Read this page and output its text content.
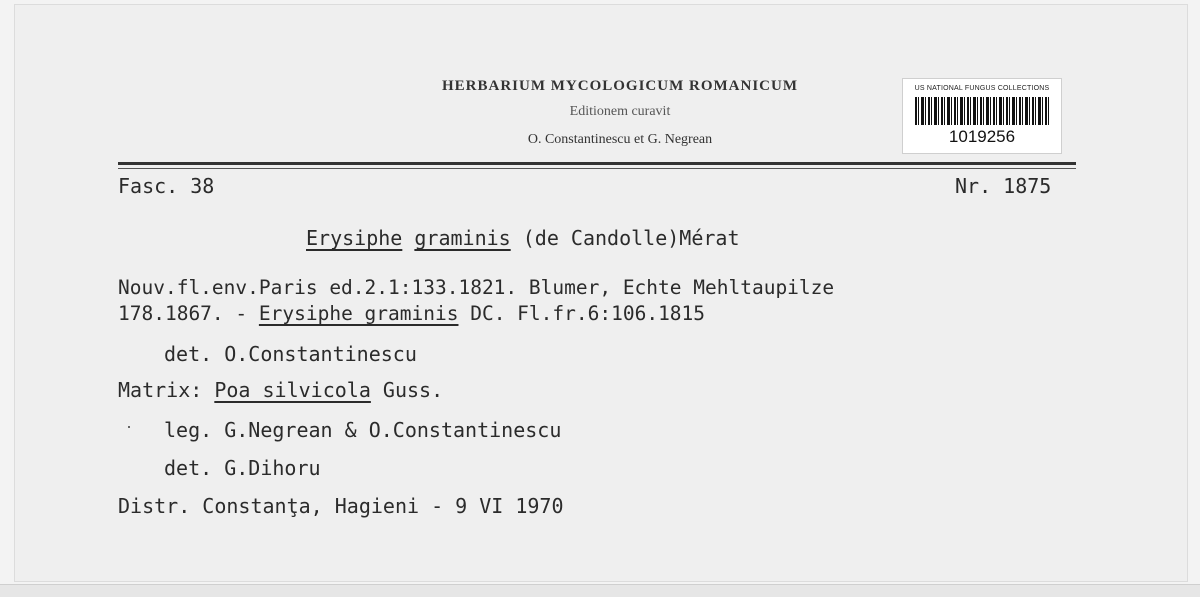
HERBARIUM MYCOLOGICUM ROMANICUM
Editionem curavit
O. Constantinescu et G. Negrean
US NATIONAL FUNGUS COLLECTIONS
1019256
Fasc. 38	Nr. 1875
Erysiphe graminis (de Candolle)Mérat
Nouv.fl.env.Paris ed.2.1:133.1821. Blumer, Echte Mehltaupilze
178.1867. - Erysiphe graminis DC. Fl.fr.6:106.1815
det. O.Constantinescu
Matrix: Poa silvicola Guss.
leg. G.Negrean & O.Constantinescu
det. G.Dihoru
Distr. Constanţa, Hagieni - 9 VI 1970
